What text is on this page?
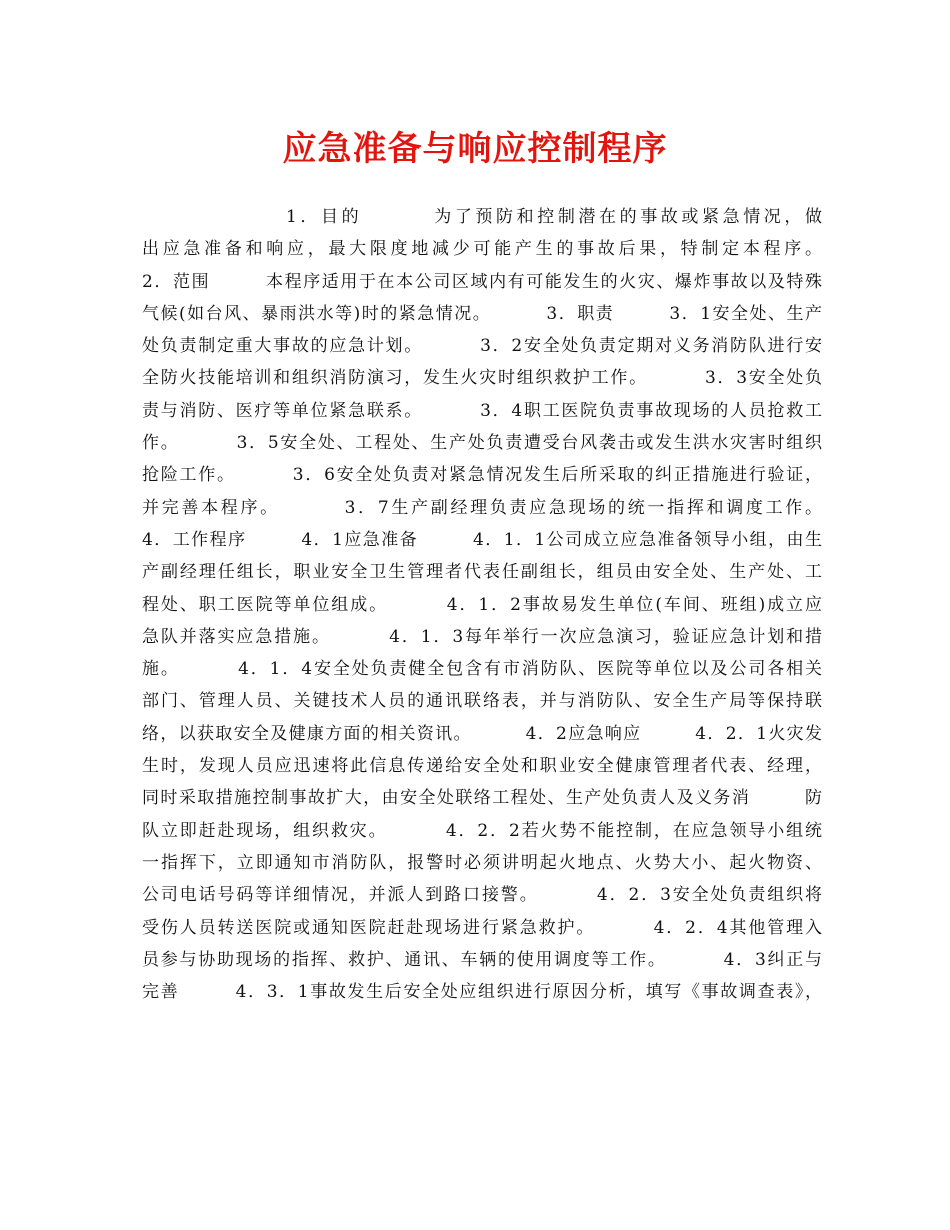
应急准备与响应控制程序
1．目的        为了预防和控制潜在的事故或紧急情况，做
出应急准备和响应，最大限度地减少可能产生的事故后果，特制定本程序。
2．范围        本程序适用于在本公司区域内有可能发生的火灾、爆炸事故以及特殊
气候(如台风、暴雨洪水等)时的紧急情况。        3．职责        3．1安全处、生产
处负责制定重大事故的应急计划。        3．2安全处负责定期对义务消防队进行安
全防火技能培训和组织消防演习，发生火灾时组织救护工作。        3．3安全处负
责与消防、医疗等单位紧急联系。        3．4职工医院负责事故现场的人员抢救工
作。        3．5安全处、工程处、生产处负责遭受台风袭击或发生洪水灾害时组织
抢险工作。        3．6安全处负责对紧急情况发生后所采取的纠正措施进行验证，
并完善本程序。        3．7生产副经理负责应急现场的统一指挥和调度工作。
4．工作程序        4．1应急准备        4．1．1公司成立应急准备领导小组，由生
产副经理任组长，职业安全卫生管理者代表任副组长，组员由安全处、生产处、工
程处、职工医院等单位组成。        4．1．2事故易发生单位(车间、班组)成立应
急队并落实应急措施。        4．1．3每年举行一次应急演习，验证应急计划和措
施。        4．1．4安全处负责健全包含有市消防队、医院等单位以及公司各相关
部门、管理人员、关键技术人员的通讯联络表，并与消防队、安全生产局等保持联
络，以获取安全及健康方面的相关资讯。        4．2应急响应        4．2．1火灾发
生时，发现人员应迅速将此信息传递给安全处和职业安全健康管理者代表、经理，
同时采取措施控制事故扩大，由安全处联络工程处、生产处负责人及义务消        防
队立即赶赴现场，组织救灾。        4．2．2若火势不能控制，在应急领导小组统
一指挥下，立即通知市消防队，报警时必须讲明起火地点、火势大小、起火物资、
公司电话号码等详细情况，并派人到路口接警。        4．2．3安全处负责组织将
受伤人员转送医院或通知医院赶赴现场进行紧急救护。        4．2．4其他管理入
员参与协助现场的指挥、救护、通讯、车辆的使用调度等工作。        4．3纠正与
完善        4．3．1事故发生后安全处应组织进行原因分析，填写《事故调查表》，
